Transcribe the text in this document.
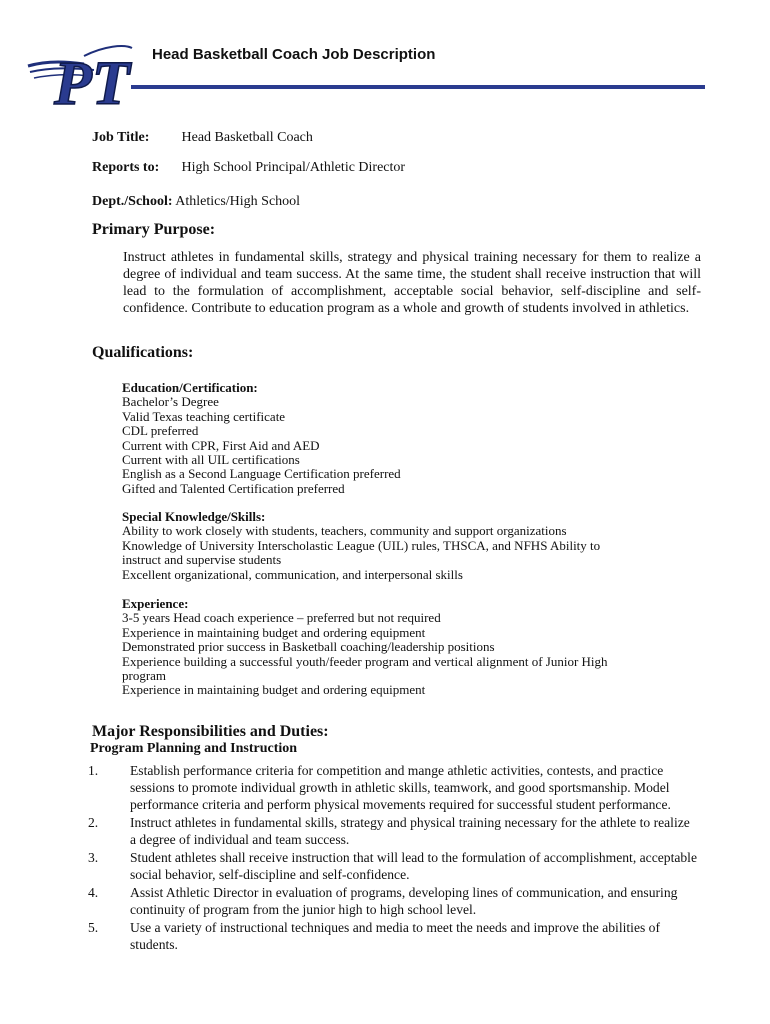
PT Head Basketball Coach Job Description
Job Title: Head Basketball Coach
Reports to: High School Principal/Athletic Director
Dept./School: Athletics/High School
Primary Purpose:
Instruct athletes in fundamental skills, strategy and physical training necessary for them to realize a degree of individual and team success. At the same time, the student shall receive instruction that will lead to the formulation of accomplishment, acceptable social behavior, self-discipline and self-confidence. Contribute to education program as a whole and growth of students involved in athletics.
Qualifications:
Education/Certification:
Bachelor’s Degree
Valid Texas teaching certificate
CDL preferred
Current with CPR, First Aid and AED
Current with all UIL certifications
English as a Second Language Certification preferred
Gifted and Talented Certification preferred
Special Knowledge/Skills:
Ability to work closely with students, teachers, community and support organizations
Knowledge of University Interscholastic League (UIL) rules, THSCA, and NFHS Ability to
instruct and supervise students
Excellent organizational, communication, and interpersonal skills
Experience:
3-5 years Head coach experience – preferred but not required
Experience in maintaining budget and ordering equipment
Demonstrated prior success in Basketball coaching/leadership positions
Experience building a successful youth/feeder program and vertical alignment of Junior High
program
Experience in maintaining budget and ordering equipment
Major Responsibilities and Duties:
Program Planning and Instruction
1. Establish performance criteria for competition and mange athletic activities, contests, and practice sessions to promote individual growth in athletic skills, teamwork, and good sportsmanship. Model performance criteria and perform physical movements required for successful student performance.
2. Instruct athletes in fundamental skills, strategy and physical training necessary for the athlete to realize a degree of individual and team success.
3. Student athletes shall receive instruction that will lead to the formulation of accomplishment, acceptable social behavior, self-discipline and self-confidence.
4. Assist Athletic Director in evaluation of programs, developing lines of communication, and ensuring continuity of program from the junior high to high school level.
5. Use a variety of instructional techniques and media to meet the needs and improve the abilities of students.
